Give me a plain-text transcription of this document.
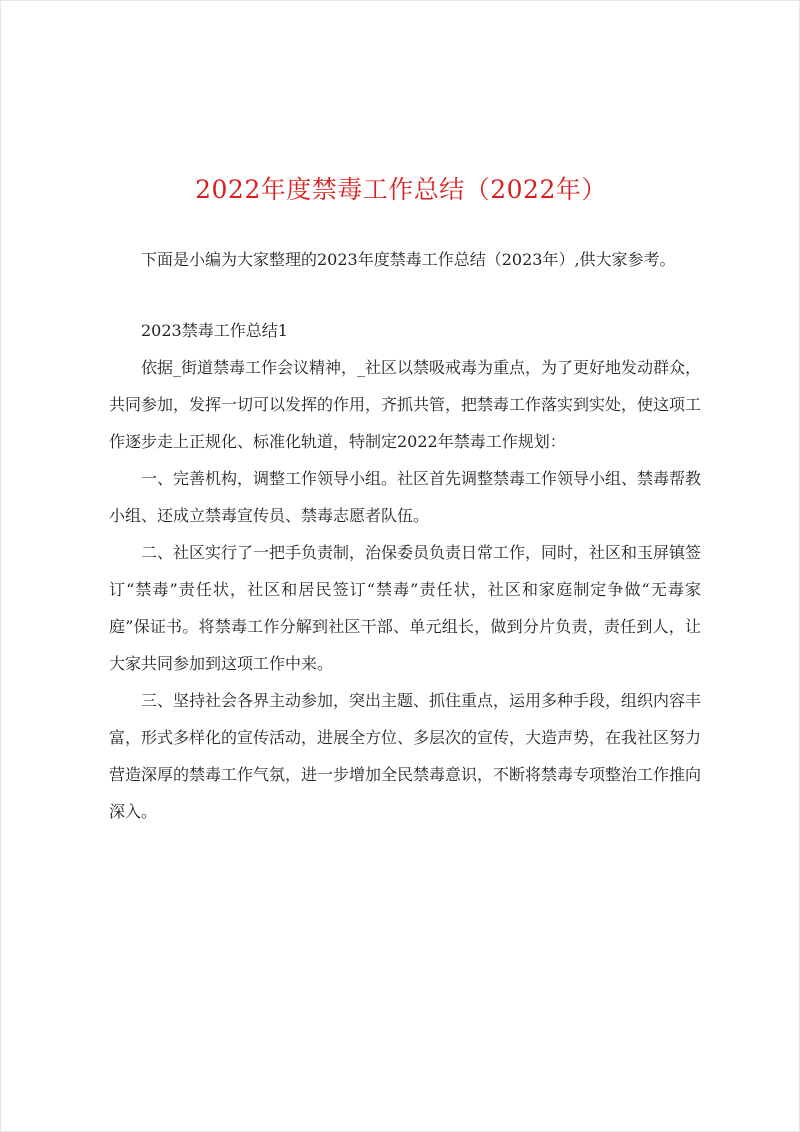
2022年度禁毒工作总结（2022年）

下面是小编为大家整理的2023年度禁毒工作总结（2023年）,供大家参考。

2023禁毒工作总结1

依据_街道禁毒工作会议精神，_社区以禁吸戒毒为重点，为了更好地发动群众，共同参加，发挥一切可以发挥的作用，齐抓共管，把禁毒工作落实到实处，使这项工作逐步走上正规化、标准化轨道，特制定2022年禁毒工作规划：

一、完善机构，调整工作领导小组。社区首先调整禁毒工作领导小组、禁毒帮教小组、还成立禁毒宣传员、禁毒志愿者队伍。

二、社区实行了一把手负责制，治保委员负责日常工作，同时，社区和玉屏镇签订“禁毒”责任状，社区和居民签订“禁毒”责任状，社区和家庭制定争做“无毒家庭”保证书。将禁毒工作分解到社区干部、单元组长，做到分片负责，责任到人，让大家共同参加到这项工作中来。

三、坚持社会各界主动参加，突出主题、抓住重点，运用多种手段，组织内容丰富，形式多样化的宣传活动，进展全方位、多层次的宣传，大造声势，在我社区努力营造深厚的禁毒工作气氛，进一步增加全民禁毒意识，不断将禁毒专项整治工作推向深入。
